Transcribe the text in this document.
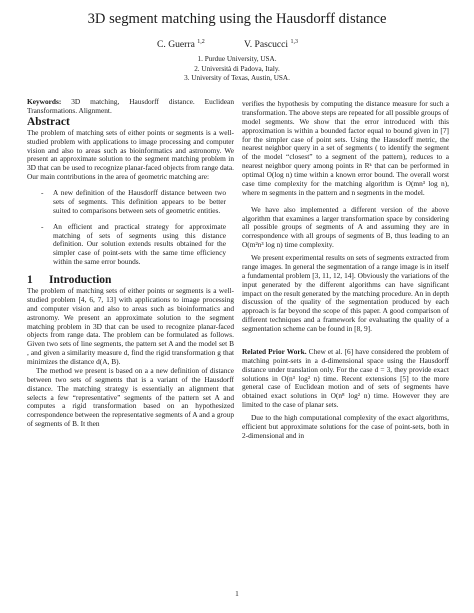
3D segment matching using the Hausdorff distance
C. Guerra $^{1,2}$	V. Pascucci $^{1,3}$
1. Purdue University, USA.
2. Università di Padova, Italy.
3. University of Texas, Austin, USA.

Keywords: 3D matching, Hausdorff distance. Euclidean Transformations. Alignment.

Abstract

The problem of matching sets of either points or segments is a well-studied problem with applications to image processing and computer vision and also to areas such as bioinformatics and astronomy. We present an approximate solution to the segment matching problem in 3D that can be used to recognize planar-faced objects from range data. Our main contributions in the area of geometric matching are:

- A new definition of the Hausdorff distance between two sets of segments. This definition appears to be better suited to comparisons between sets of geometric entities.
- An efficient and practical strategy for approximate matching of sets of segments using this distance definition. Our solution extends results obtained for the simpler case of point-sets with the same time efficiency within the same error bounds.
1 Introduction

The problem of matching sets of either points or segments is a well-studied problem [4, 6, 7, 13] with applications to image processing and computer vision and also to areas such as bioinformatics and astronomy. We present an approximate solution to the segment matching problem in 3D that can be used to recognize planar-faced objects from range data. The problem can be formulated as follows. Given two sets of line segments, the pattern set A and the model set B , and given a similarity measure d, find the rigid transformation g that minimizes the distance d(A, B).

The method we present is based on a a new definition of distance between two sets of segments that is a variant of the Hausdorff distance. The matching strategy is essentially an alignment that selects a few “representative” segments of the pattern set A and computes a rigid transformation based on an hypothesized correspondence between the representative segments of A and a group of segments of B. It then

verifies the hypothesis by computing the distance measure for such a transformation. The above steps are repeated for all possible groups of model segments. We show that the error introduced with this approximation is within a bounded factor equal to bound given in [7] for the simpler case of point sets. Using the Hausdorff metric, the nearest neighbor query in a set of segments ( to identify the segment of the model “closest” to a segment of the pattern), reduces to a nearest neighbor query among points in Rᵏ that can be performed in optimal O(log n) time within a known error bound. The overall worst case time complexity for the matching algorithm is O(mn³ log n), where m segments in the pattern and n segments in the model.

We have also implemented a different version of the above algorithm that examines a larger transformation space by considering all possible groups of segments of A and assuming they are in correspondence with all groups of segments of B, thus leading to an O(m²n³ log n) time complexity.

We present experimental results on sets of segments extracted from range images. In general the segmentation of a range image is in itself a fundamental problem [3, 11, 12, 14]. Obviously the variations of the input generated by the different algorithms can have significant impact on the result generated by the matching procedure. An in depth discussion of the quality of the segmentation produced by each approach is far beyond the scope of this paper. A good comparison of different techniques and a framework for evaluating the quality of a segmentation scheme can be found in [8, 9].

Related Prior Work. Chew et al. [6] have considered the problem of matching point-sets in a d-dimensional space using the Hausdorff distance under translation only. For the case d = 3, they provide exact solutions in O(n³ log² n) time. Recent extensions [5] to the more general case of Euclidean motion and of sets of segments have obtained exact solutions in O(n⁸ log² n) time. However they are limited to the case of planar sets.

Due to the high computational complexity of the exact algorithms, efficient but approximate solutions for the case of point-sets, both in 2-dimensional and in

1
